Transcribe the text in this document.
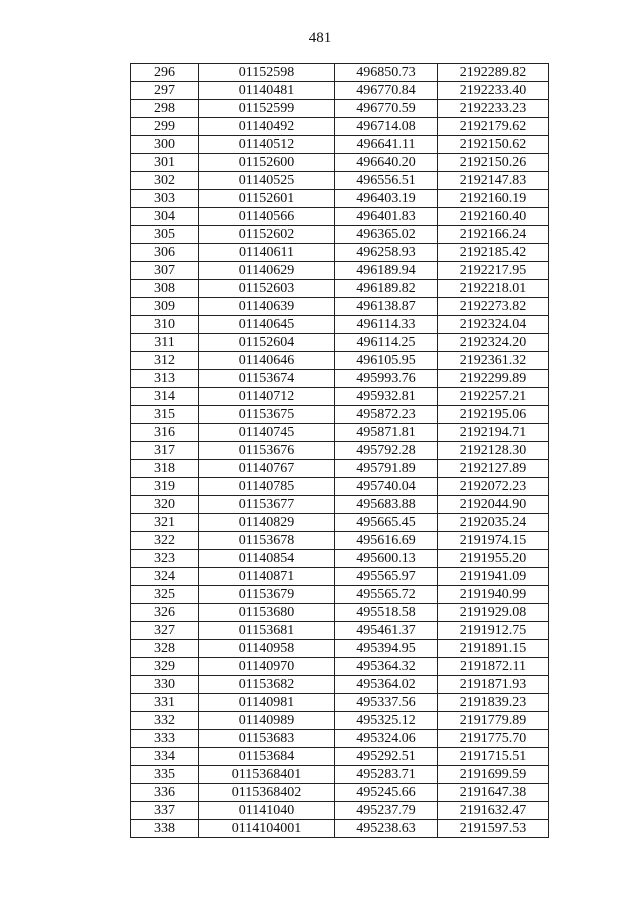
481
296	01152598	496850.73	2192289.82
297	01140481	496770.84	2192233.40
298	01152599	496770.59	2192233.23
299	01140492	496714.08	2192179.62
300	01140512	496641.11	2192150.62
301	01152600	496640.20	2192150.26
302	01140525	496556.51	2192147.83
303	01152601	496403.19	2192160.19
304	01140566	496401.83	2192160.40
305	01152602	496365.02	2192166.24
306	01140611	496258.93	2192185.42
307	01140629	496189.94	2192217.95
308	01152603	496189.82	2192218.01
309	01140639	496138.87	2192273.82
310	01140645	496114.33	2192324.04
311	01152604	496114.25	2192324.20
312	01140646	496105.95	2192361.32
313	01153674	495993.76	2192299.89
314	01140712	495932.81	2192257.21
315	01153675	495872.23	2192195.06
316	01140745	495871.81	2192194.71
317	01153676	495792.28	2192128.30
318	01140767	495791.89	2192127.89
319	01140785	495740.04	2192072.23
320	01153677	495683.88	2192044.90
321	01140829	495665.45	2192035.24
322	01153678	495616.69	2191974.15
323	01140854	495600.13	2191955.20
324	01140871	495565.97	2191941.09
325	01153679	495565.72	2191940.99
326	01153680	495518.58	2191929.08
327	01153681	495461.37	2191912.75
328	01140958	495394.95	2191891.15
329	01140970	495364.32	2191872.11
330	01153682	495364.02	2191871.93
331	01140981	495337.56	2191839.23
332	01140989	495325.12	2191779.89
333	01153683	495324.06	2191775.70
334	01153684	495292.51	2191715.51
335	0115368401	495283.71	2191699.59
336	0115368402	495245.66	2191647.38
337	01141040	495237.79	2191632.47
338	0114104001	495238.63	2191597.53
